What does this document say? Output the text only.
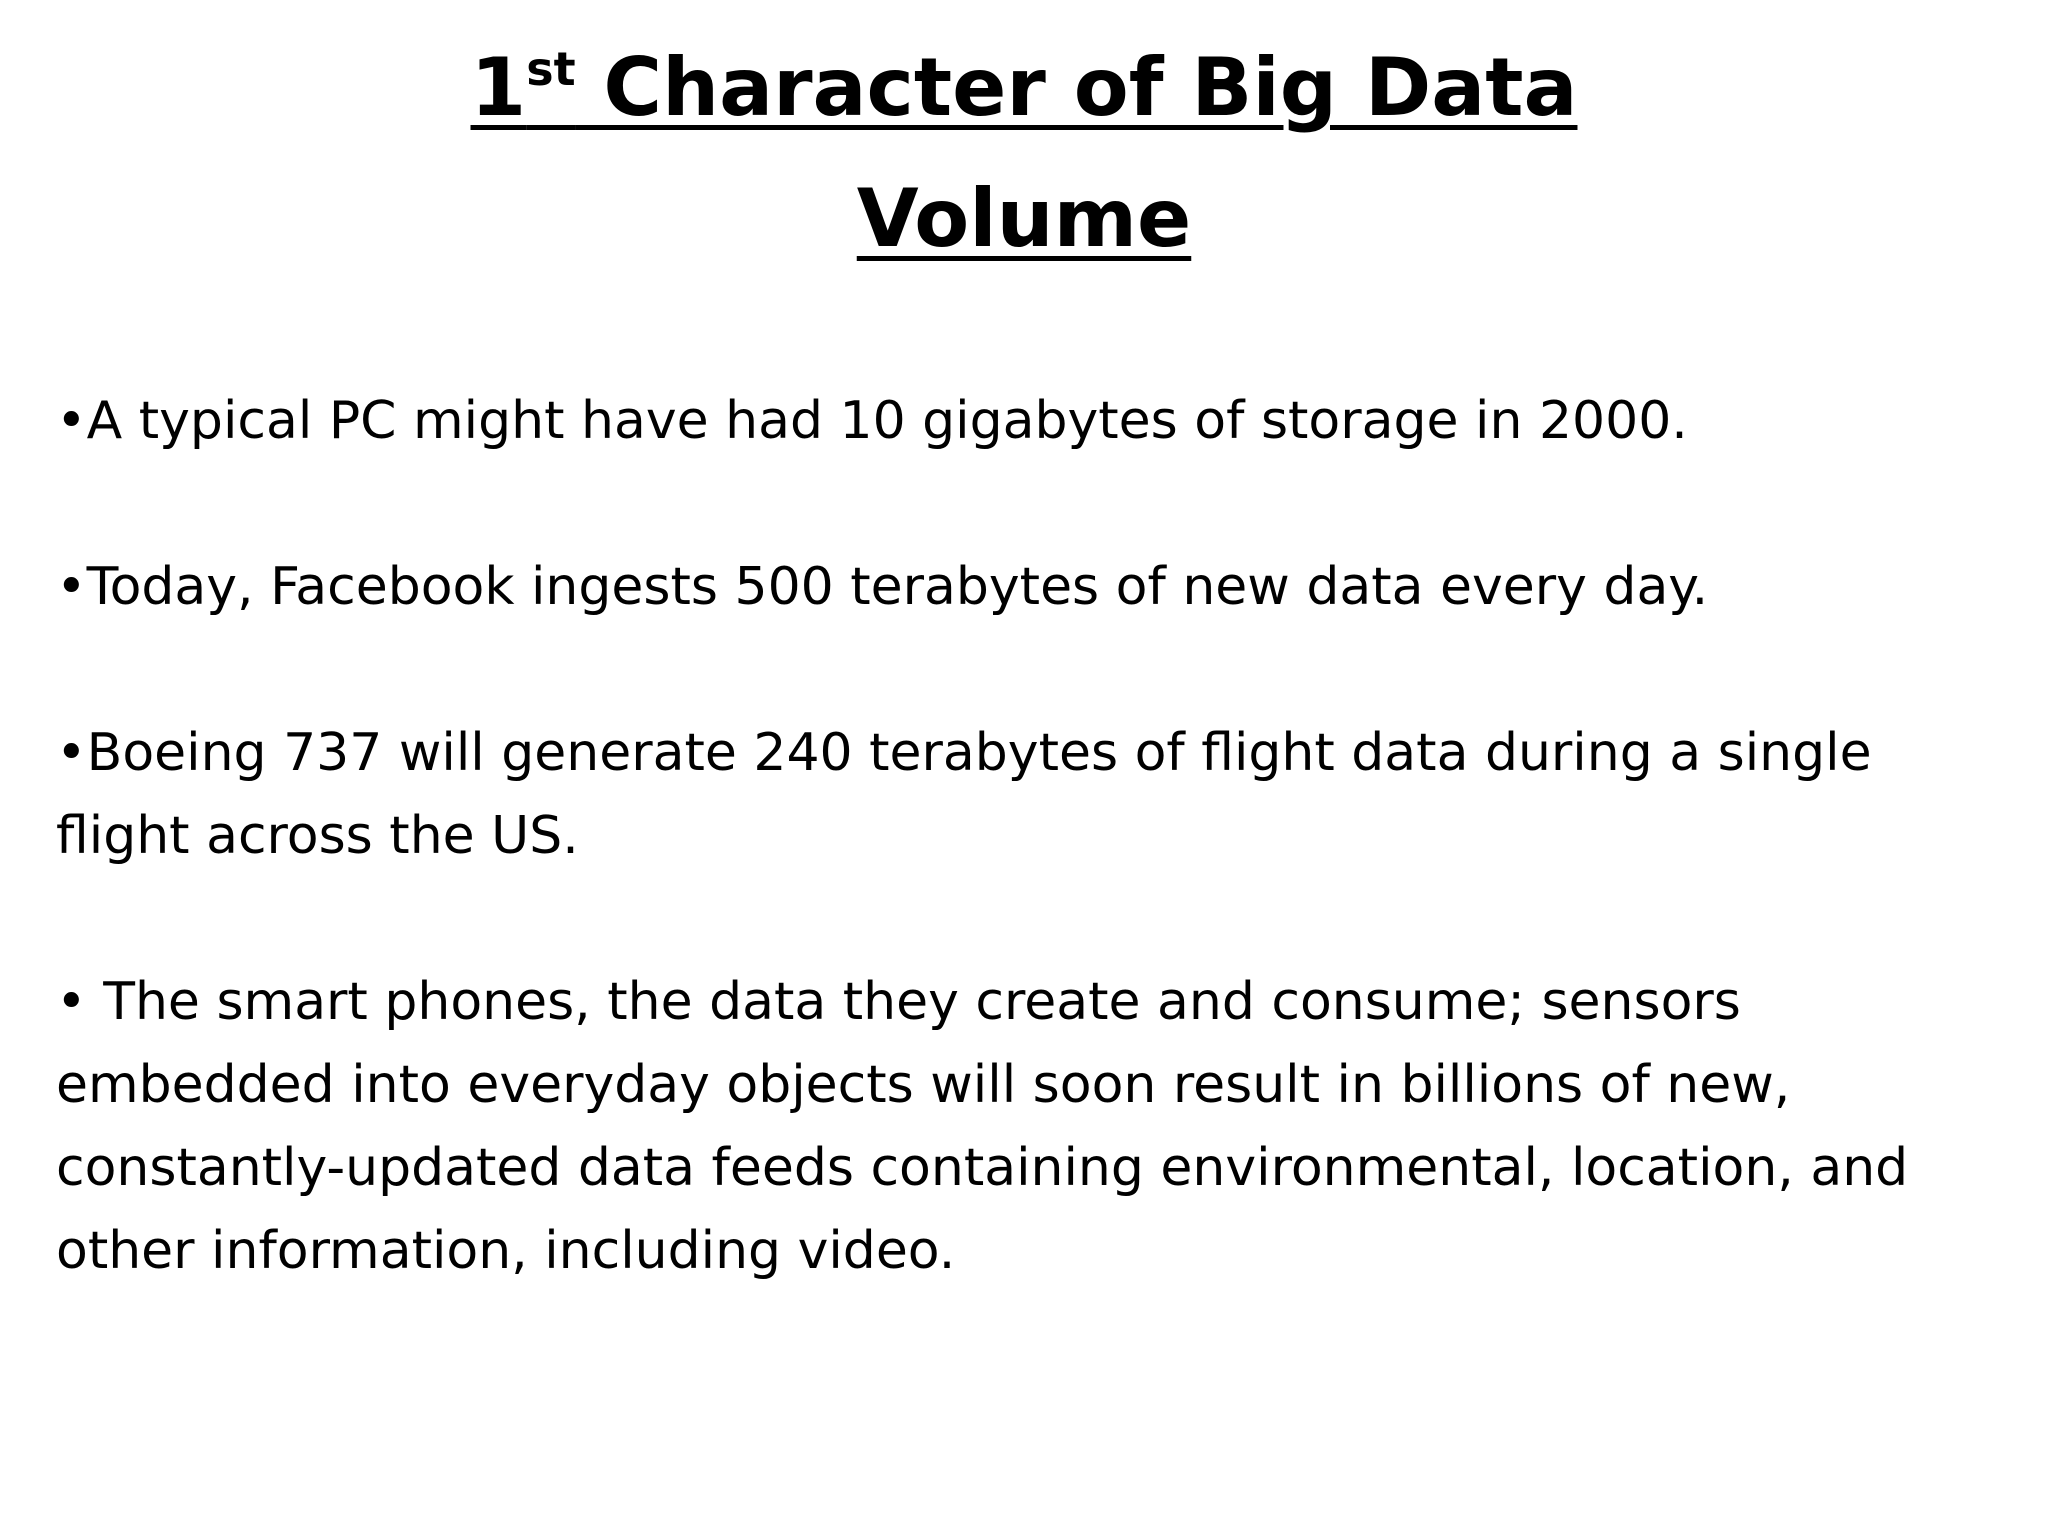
1st Character of Big Data
Volume
•A typical PC might have had 10 gigabytes of storage in 2000.
•Today, Facebook ingests 500 terabytes of new data every day.
•Boeing 737 will generate 240 terabytes of flight data during a single flight across the US.
• The smart phones, the data they create and consume; sensors embedded into everyday objects will soon result in billions of new, constantly-updated data feeds containing environmental, location, and other information, including video.
